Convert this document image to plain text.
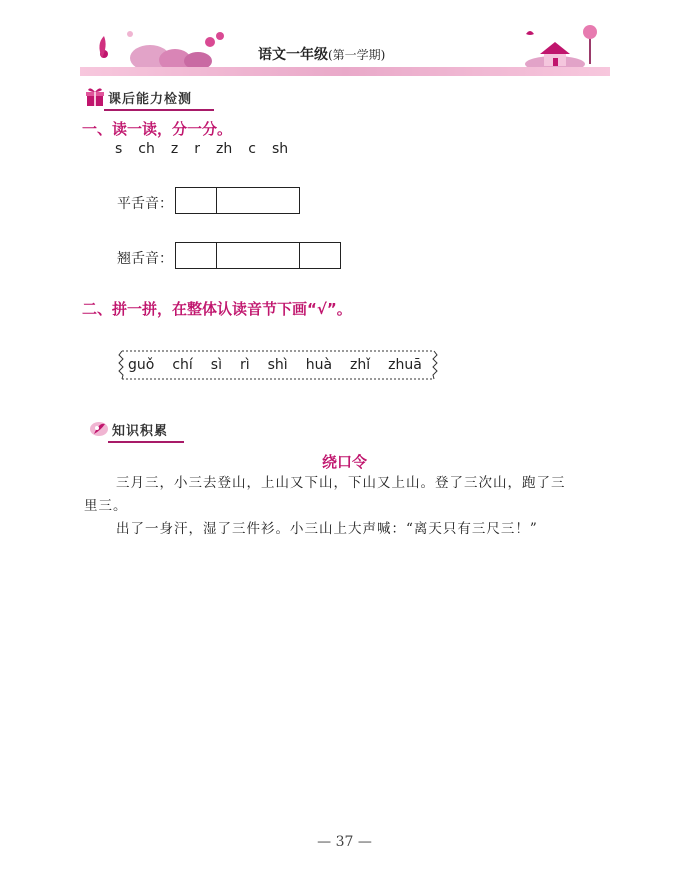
语文一年级(第一学期)
课后能力检测
一、读一读，分一分。
s ch z r zh c sh
平舌音：
翘舌音：
二、拼一拼，在整体认读音节下画“√”。
guǒ chí sì rì shì huà zhǐ zhuā
知识积累
绕口令
三月三，小三去登山，上山又下山，下山又上山。登了三次山，跑了三
里三。
出了一身汗，湿了三件衫。小三山上大声喊：“离天只有三尺三！”
— 37 —
